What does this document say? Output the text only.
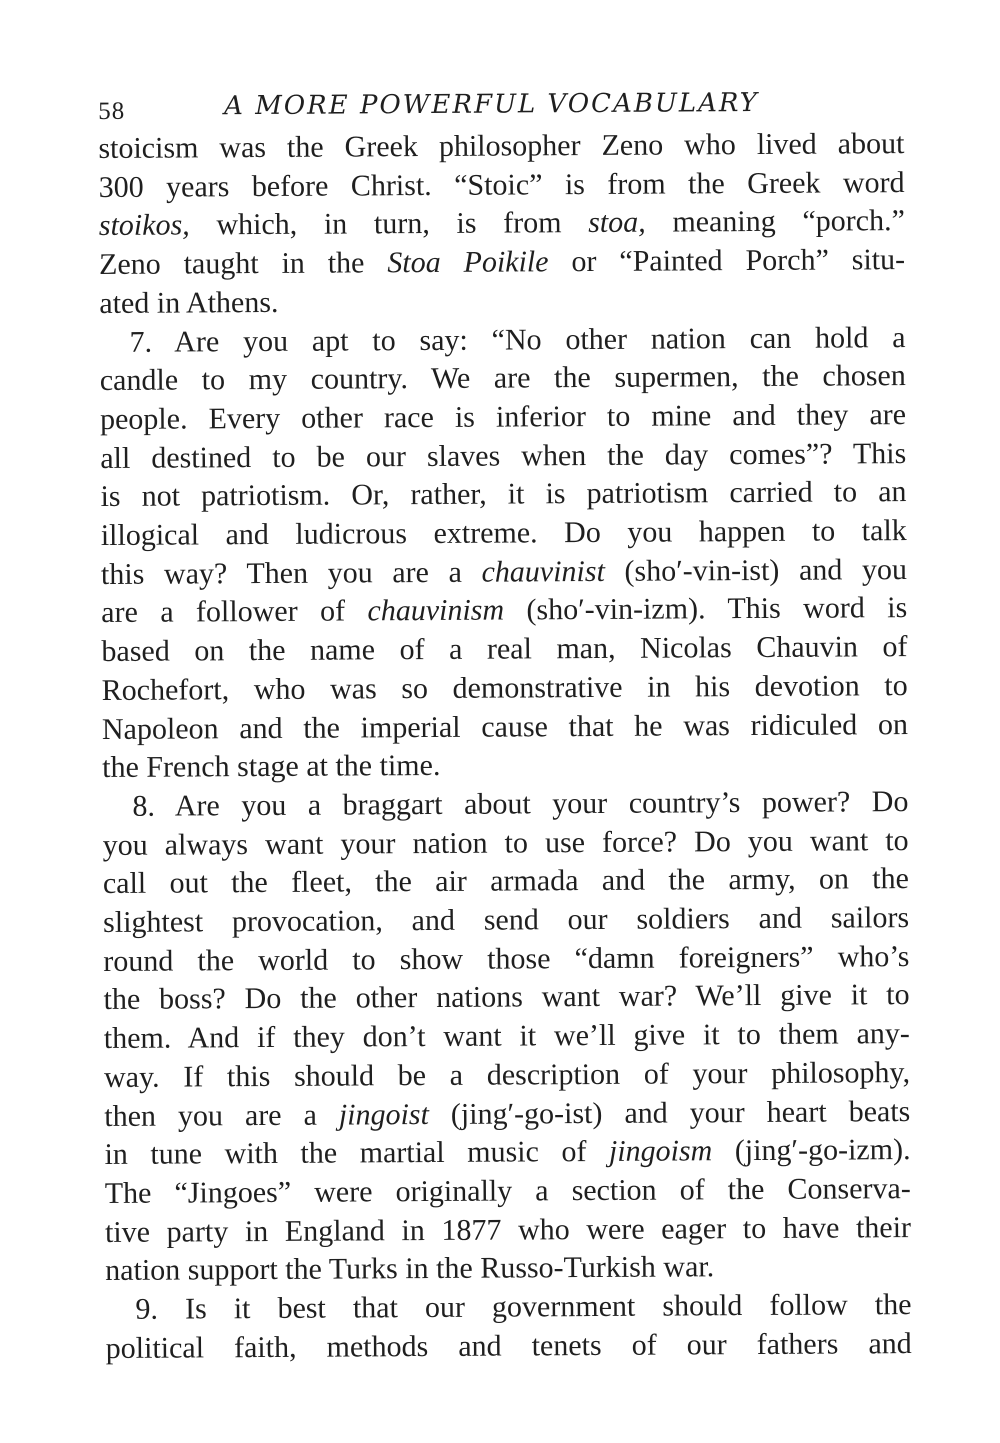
58	A MORE POWERFUL VOCABULARY
stoicism was the Greek philosopher Zeno who lived about
300 years before Christ. “Stoic” is from the Greek word
stoikos, which, in turn, is from stoa, meaning “porch.”
Zeno taught in the Stoa Poikile or “Painted Porch” situ-
ated in Athens.
7. Are you apt to say: “No other nation can hold a
candle to my country. We are the supermen, the chosen
people. Every other race is inferior to mine and they are
all destined to be our slaves when the day comes”? This
is not patriotism. Or, rather, it is patriotism carried to an
illogical and ludicrous extreme. Do you happen to talk
this way? Then you are a chauvinist (sho′-vin-ist) and you
are a follower of chauvinism (sho′-vin-izm). This word is
based on the name of a real man, Nicolas Chauvin of
Rochefort, who was so demonstrative in his devotion to
Napoleon and the imperial cause that he was ridiculed on
the French stage at the time.
8. Are you a braggart about your country’s power? Do
you always want your nation to use force? Do you want to
call out the fleet, the air armada and the army, on the
slightest provocation, and send our soldiers and sailors
round the world to show those “damn foreigners” who’s
the boss? Do the other nations want war? We’ll give it to
them. And if they don’t want it we’ll give it to them any-
way. If this should be a description of your philosophy,
then you are a jingoist (jing′-go-ist) and your heart beats
in tune with the martial music of jingoism (jing′-go-izm).
The “Jingoes” were originally a section of the Conserva-
tive party in England in 1877 who were eager to have their
nation support the Turks in the Russo-Turkish war.
9. Is it best that our government should follow the
political faith, methods and tenets of our fathers and
